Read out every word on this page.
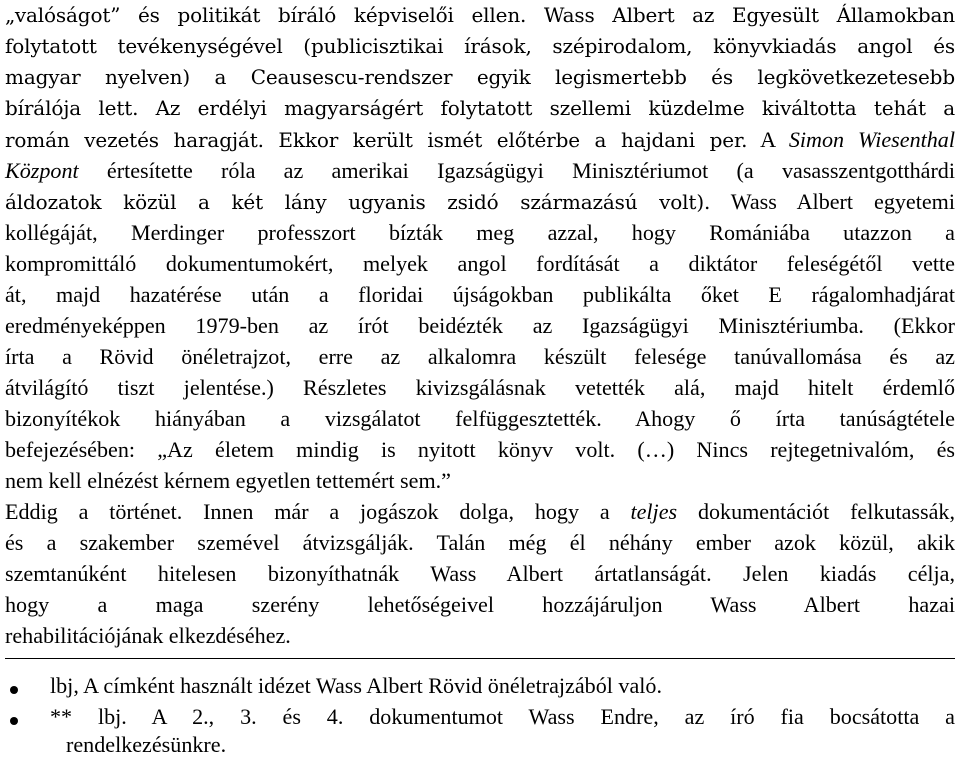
„valóságot” és politikát bíráló képviselői ellen. Wass Albert az Egyesült Államokban
folytatott tevékenységével (publicisztikai írások, szépirodalom, könyvkiadás angol és
magyar nyelven) a Ceausescu-rendszer egyik legismertebb és legkövetkezetesebb
bírálója lett. Az erdélyi magyarságért folytatott szellemi küzdelme kiváltotta tehát a
román vezetés haragját. Ekkor került ismét előtérbe a hajdani per. A Simon Wiesenthal
Központ értesítette róla az amerikai Igazságügyi Minisztériumot (a vasasszentgotthárdi
áldozatok közül a két lány ugyanis zsidó származású volt). Wass Albert egyetemi
kollégáját, Merdinger professzort bízták meg azzal, hogy Romániába utazzon a
kompromittáló dokumentumokért, melyek angol fordítását a diktátor feleségétől vette
át, majd hazatérése után a floridai újságokban publikálta őket E rágalomhadjárat
eredményeképpen 1979-ben az írót beidézték az Igazságügyi Minisztériumba. (Ekkor
írta a Rövid önéletrajzot, erre az alkalomra készült felesége tanúvallomása és az
átvilágító tiszt jelentése.) Részletes kivizsgálásnak vetették alá, majd hitelt érdemlő
bizonyítékok hiányában a vizsgálatot felfüggesztették. Ahogy ő írta tanúságtétele
befejezésében: „Az életem mindig is nyitott könyv volt. (…) Nincs rejtegetnivalóm, és
nem kell elnézést kérnem egyetlen tettemért sem.”
Eddig a történet. Innen már a jogászok dolga, hogy a teljes dokumentációt felkutassák,
és a szakember szemével átvizsgálják. Talán még él néhány ember azok közül, akik
szemtanúként hitelesen bizonyíthatnák Wass Albert ártatlanságát. Jelen kiadás célja,
hogy a maga szerény lehetőségeivel hozzájáruljon Wass Albert hazai
rehabilitációjának elkezdéséhez.
lbj, A címként használt idézet Wass Albert Rövid önéletrajzából való.
** lbj. A 2., 3. és 4. dokumentumot Wass Endre, az író fia bocsátotta a
rendelkezésünkre.
